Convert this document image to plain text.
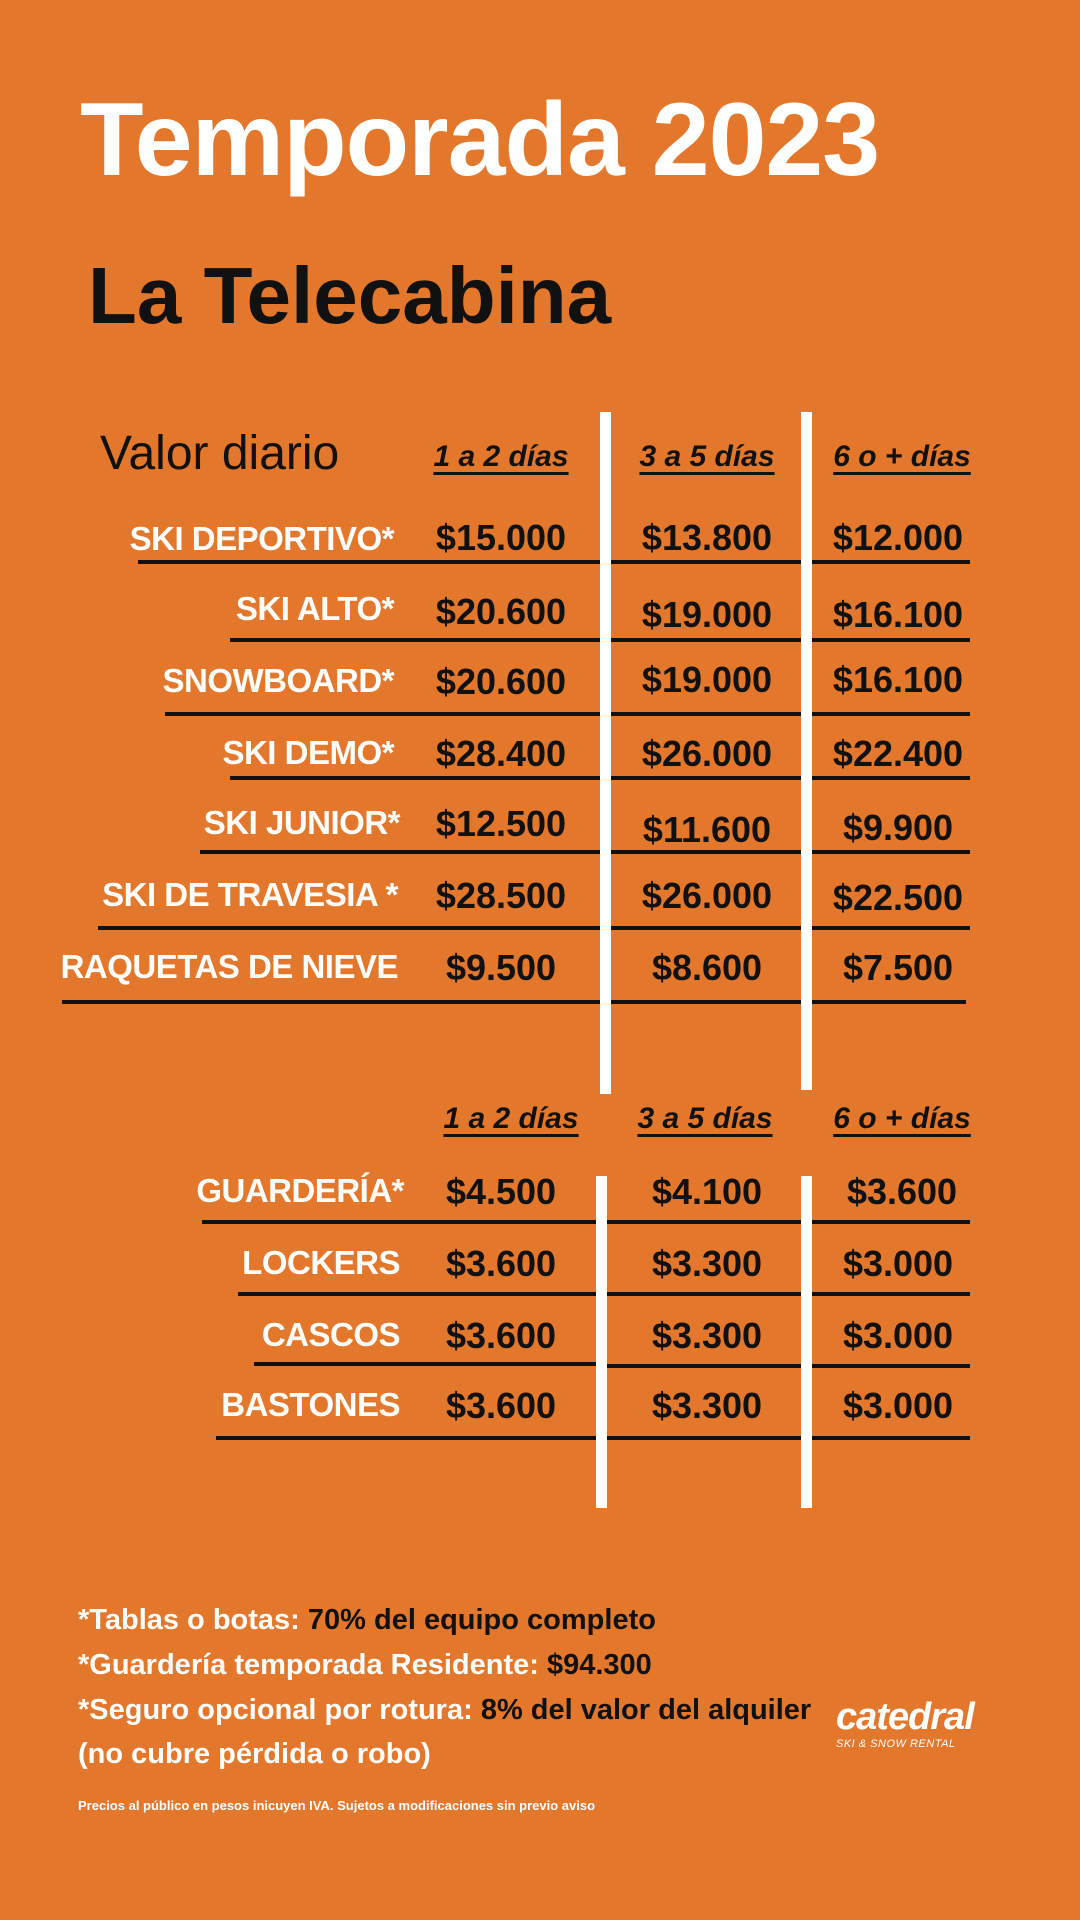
Temporada 2023
La Telecabina
Valor diario	1 a 2 días	3 a 5 días	6 o + días
SKI DEPORTIVO*	$15.000	$13.800	$12.000
SKI ALTO*	$20.600	$19.000	$16.100
SNOWBOARD*	$20.600	$19.000	$16.100
SKI DEMO*	$28.400	$26.000	$22.400
SKI JUNIOR* $12.500	$11.600	$9.900
SKI DE TRAVESIA *	$28.500	$26.000	$22.500
RAQUETAS DE NIEVE	$9.500	$8.600	$7.500
1 a 2 días	3 a 5 días	6 o + días
GUARDERÍA*	$4.500	$4.100	$3.600
LOCKERS	$3.600	$3.300	$3.000
CASCOS	$3.600	$3.300	$3.000
BASTONES	$3.600	$3.300	$3.000
*Tablas o botas: 70% del equipo completo
*Guardería temporada Residente: $94.300
*Seguro opcional por rotura: 8% del valor del alquiler
(no cubre pérdida o robo)
Precios al público en pesos inicuyen IVA. Sujetos a modificaciones sin previo aviso
catedral
SKI & SNOW RENTAL
